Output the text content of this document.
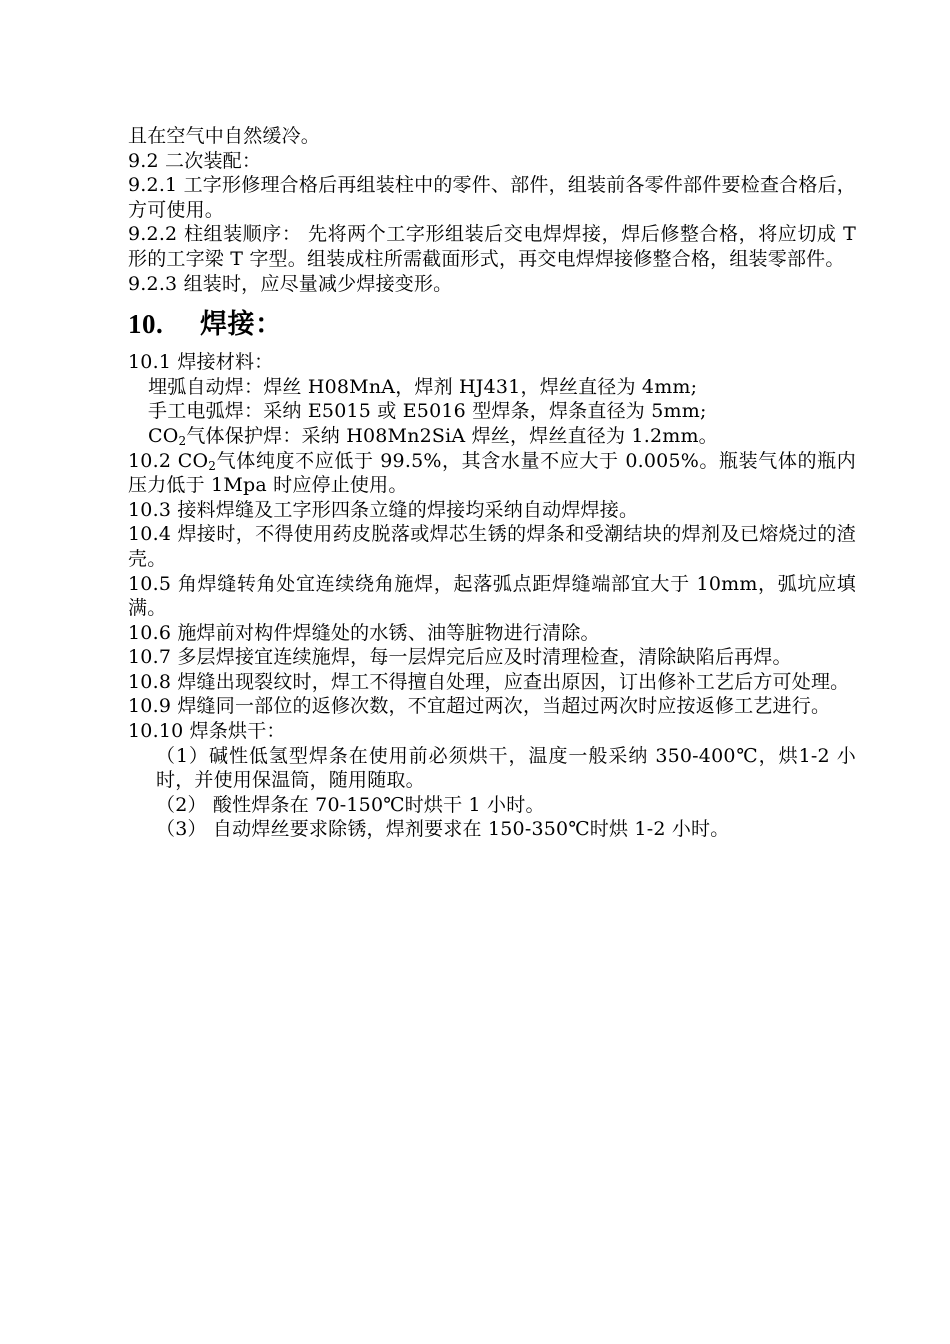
且在空气中自然缓冷。

9.2 二次装配：

9.2.1 工字形修理合格后再组装柱中的零件、部件，组装前各零件部件要检查合格后，方可使用。

9.2.2 柱组装顺序： 先将两个工字形组装后交电焊焊接，焊后修整合格，将应切成 T 形的工字梁 T 字型。组装成柱所需截面形式，再交电焊焊接修整合格，组装零部件。

9.2.3 组装时，应尽量减少焊接变形。

10. 焊接：

10.1 焊接材料：

埋弧自动焊：焊丝 H08MnA，焊剂 HJ431，焊丝直径为 4mm;

手工电弧焊：采纳 E5015 或 E5016 型焊条，焊条直径为 5mm;

$CO_2$气体保护焊：采纳 H08Mn2SiA 焊丝，焊丝直径为 1.2mm。

10.2 $CO_2$气体纯度不应低于 99.5%，其含水量不应大于 0.005%。瓶装气体的瓶内压力低于 1Mpa 时应停止使用。

10.3 接料焊缝及工字形四条立缝的焊接均采纳自动焊焊接。

10.4 焊接时，不得使用药皮脱落或焊芯生锈的焊条和受潮结块的焊剂及已熔烧过的渣壳。

10.5 角焊缝转角处宜连续绕角施焊，起落弧点距焊缝端部宜大于 10mm，弧坑应填满。

10.6 施焊前对构件焊缝处的水锈、油等脏物进行清除。

10.7 多层焊接宜连续施焊，每一层焊完后应及时清理检查，清除缺陷后再焊。

10.8 焊缝出现裂纹时，焊工不得擅自处理，应查出原因，订出修补工艺后方可处理。

10.9 焊缝同一部位的返修次数，不宜超过两次，当超过两次时应按返修工艺进行。

10.10 焊条烘干：

（1）碱性低氢型焊条在使用前必须烘干，温度一般采纳 350-400℃，烘1-2 小时，并使用保温筒，随用随取。

（2） 酸性焊条在 70-150℃时烘干 1 小时。

（3） 自动焊丝要求除锈，焊剂要求在 150-350℃时烘 1-2 小时。
